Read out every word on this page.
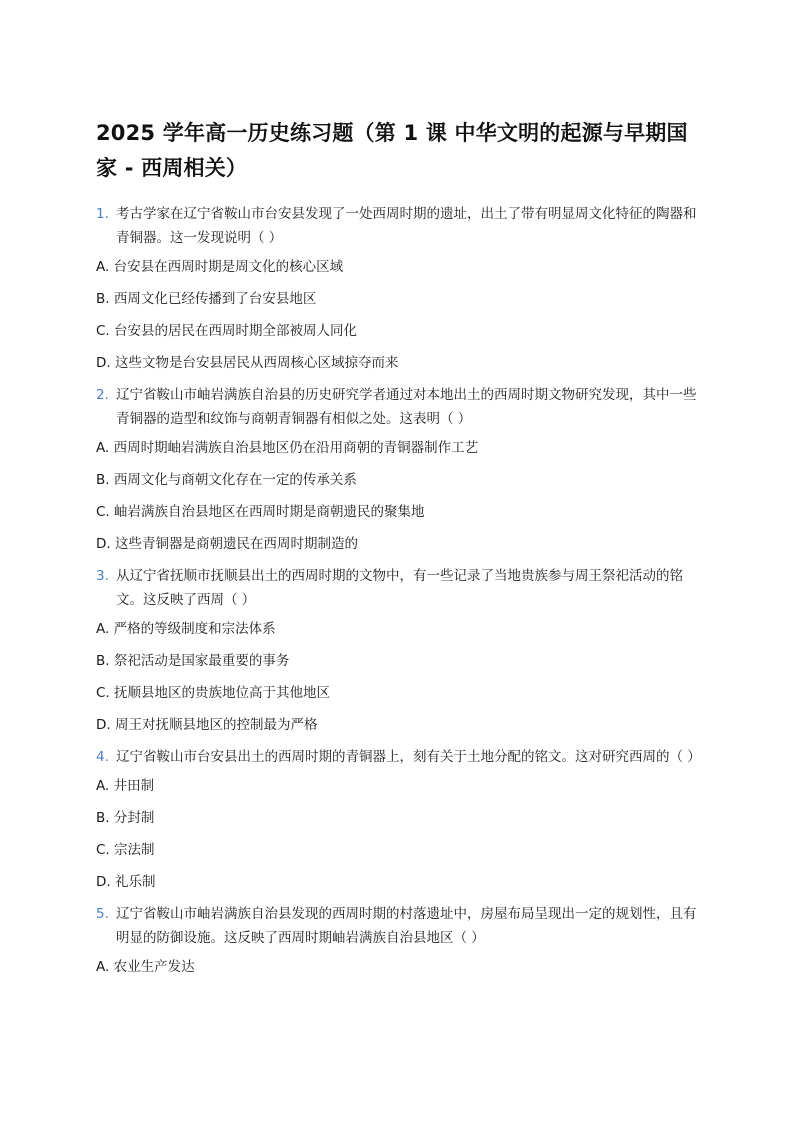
2025 学年高一历史练习题（第 1 课 中华文明的起源与早期国家 - 西周相关）
1. 考古学家在辽宁省鞍山市台安县发现了一处西周时期的遗址，出土了带有明显周文化特征的陶器和青铜器。这一发现说明（ ）
A. 台安县在西周时期是周文化的核心区域
B. 西周文化已经传播到了台安县地区
C. 台安县的居民在西周时期全部被周人同化
D. 这些文物是台安县居民从西周核心区域掠夺而来
2. 辽宁省鞍山市岫岩满族自治县的历史研究学者通过对本地出土的西周时期文物研究发现，其中一些青铜器的造型和纹饰与商朝青铜器有相似之处。这表明（ ）
A. 西周时期岫岩满族自治县地区仍在沿用商朝的青铜器制作工艺
B. 西周文化与商朝文化存在一定的传承关系
C. 岫岩满族自治县地区在西周时期是商朝遗民的聚集地
D. 这些青铜器是商朝遗民在西周时期制造的
3. 从辽宁省抚顺市抚顺县出土的西周时期的文物中，有一些记录了当地贵族参与周王祭祀活动的铭文。这反映了西周（ ）
A. 严格的等级制度和宗法体系
B. 祭祀活动是国家最重要的事务
C. 抚顺县地区的贵族地位高于其他地区
D. 周王对抚顺县地区的控制最为严格
4. 辽宁省鞍山市台安县出土的西周时期的青铜器上，刻有关于土地分配的铭文。这对研究西周的（ ）
A. 井田制
B. 分封制
C. 宗法制
D. 礼乐制
5. 辽宁省鞍山市岫岩满族自治县发现的西周时期的村落遗址中，房屋布局呈现出一定的规划性，且有明显的防御设施。这反映了西周时期岫岩满族自治县地区（ ）
A. 农业生产发达
